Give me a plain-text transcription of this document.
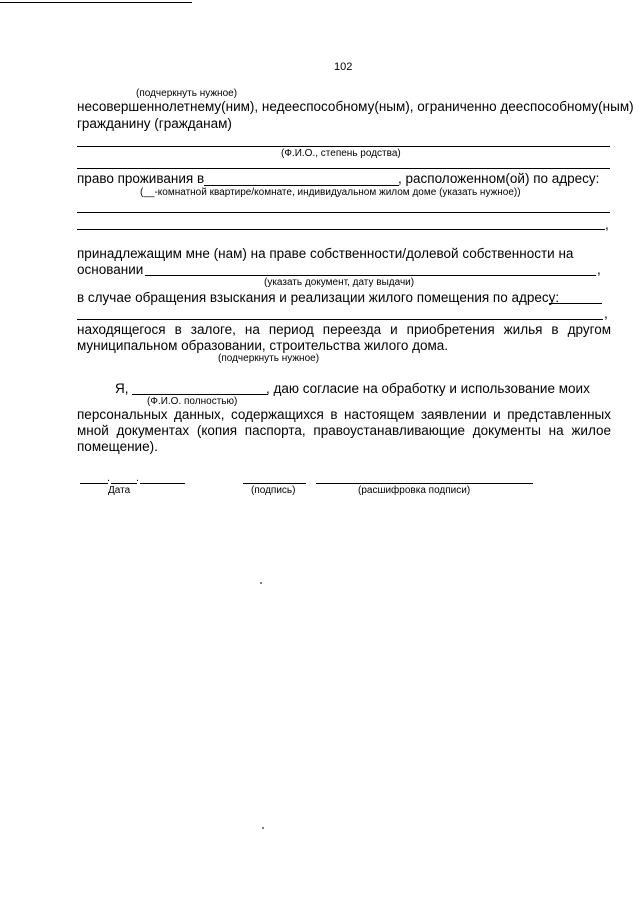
102
(подчеркнуть нужное)
несовершеннолетнему(ним), недееспособному(ным), ограниченно дееспособному(ным)
гражданину (гражданам)
(Ф.И.О., степень родства)
право проживания в	, расположенном(ой) по адресу:
(__-комнатной квартире/комнате, индивидуальном жилом доме (указать нужное))
,
принадлежащим мне (нам) на праве собственности/долевой собственности на
основании	,
(указать документ, дату выдачи)
в случае обращения взыскания и реализации жилого помещения по адресу:
,
находящегося в залоге, на период переезда и приобретения жилья в другом
муниципальном образовании, строительства жилого дома.
(подчеркнуть нужное)
Я,	, даю согласие на обработку и использование моих
(Ф.И.О. полностью)
персональных данных, содержащихся в настоящем заявлении и представленных
мной документах (копия паспорта, правоустанавливающие документы на жилое
помещение).
. .
Дата	(подпись)	(расшифровка подписи)
